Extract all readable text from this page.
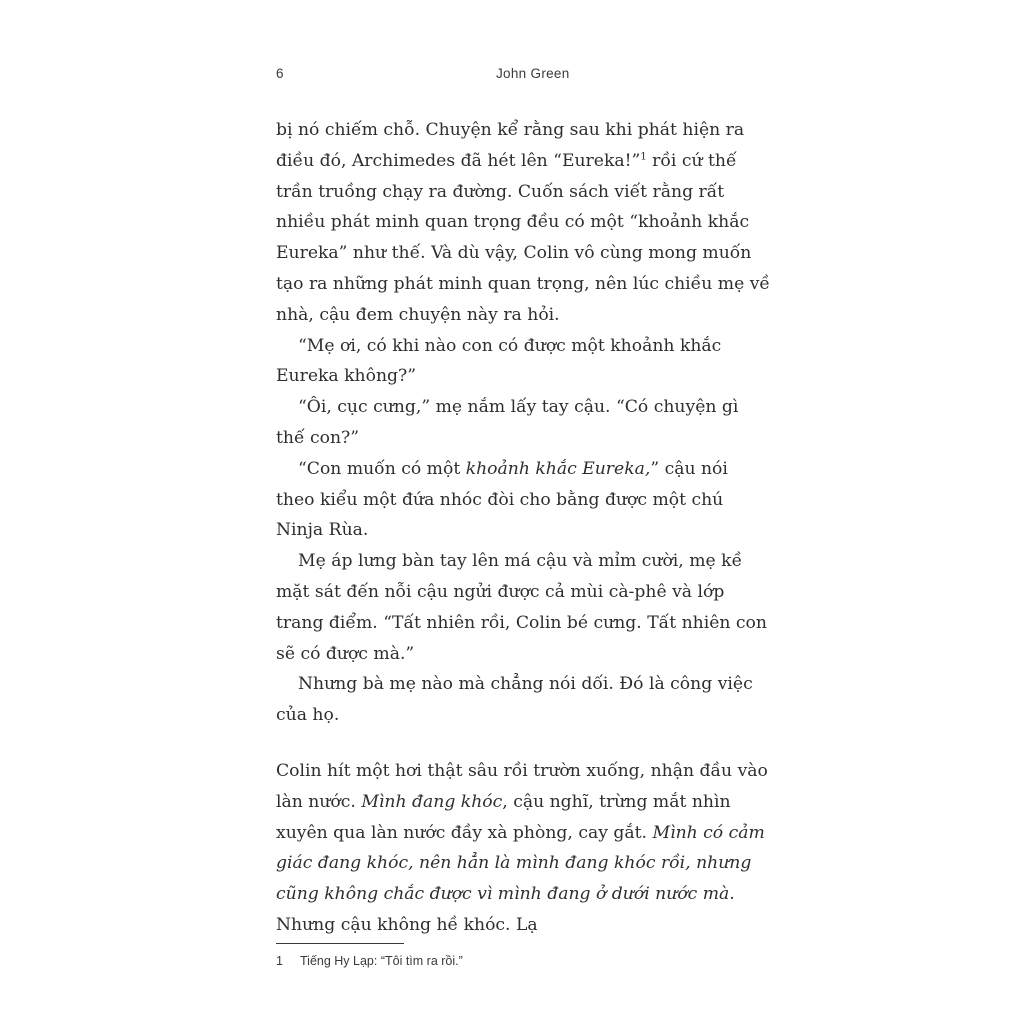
6	John Green

bị nó chiếm chỗ. Chuyện kể rằng sau khi phát hiện ra điều đó, Archimedes đã hét lên “Eureka!”$^1$ rồi cứ thế trần truồng chạy ra đường. Cuốn sách viết rằng rất nhiều phát minh quan trọng đều có một “khoảnh khắc Eureka” như thế. Và dù vậy, Colin vô cùng mong muốn tạo ra những phát minh quan trọng, nên lúc chiều mẹ về nhà, cậu đem chuyện này ra hỏi.

“Mẹ ơi, có khi nào con có được một khoảnh khắc Eureka không?”

“Ôi, cục cưng,” mẹ nắm lấy tay cậu. “Có chuyện gì thế con?”

“Con muốn có một khoảnh khắc Eureka,” cậu nói theo kiểu một đứa nhóc đòi cho bằng được một chú Ninja Rùa.

Mẹ áp lưng bàn tay lên má cậu và mỉm cười, mẹ kề mặt sát đến nỗi cậu ngửi được cả mùi cà-phê và lớp trang điểm. “Tất nhiên rồi, Colin bé cưng. Tất nhiên con sẽ có được mà.”

Nhưng bà mẹ nào mà chẳng nói dối. Đó là công việc của họ.

Colin hít một hơi thật sâu rồi trườn xuống, nhận đầu vào làn nước. Mình đang khóc, cậu nghĩ, trừng mắt nhìn xuyên qua làn nước đầy xà phòng, cay gắt. Mình có cảm giác đang khóc, nên hẳn là mình đang khóc rồi, nhưng cũng không chắc được vì mình đang ở dưới nước mà. Nhưng cậu không hề khóc. Lạ

1 Tiếng Hy Lạp: “Tôi tìm ra rồi.”
